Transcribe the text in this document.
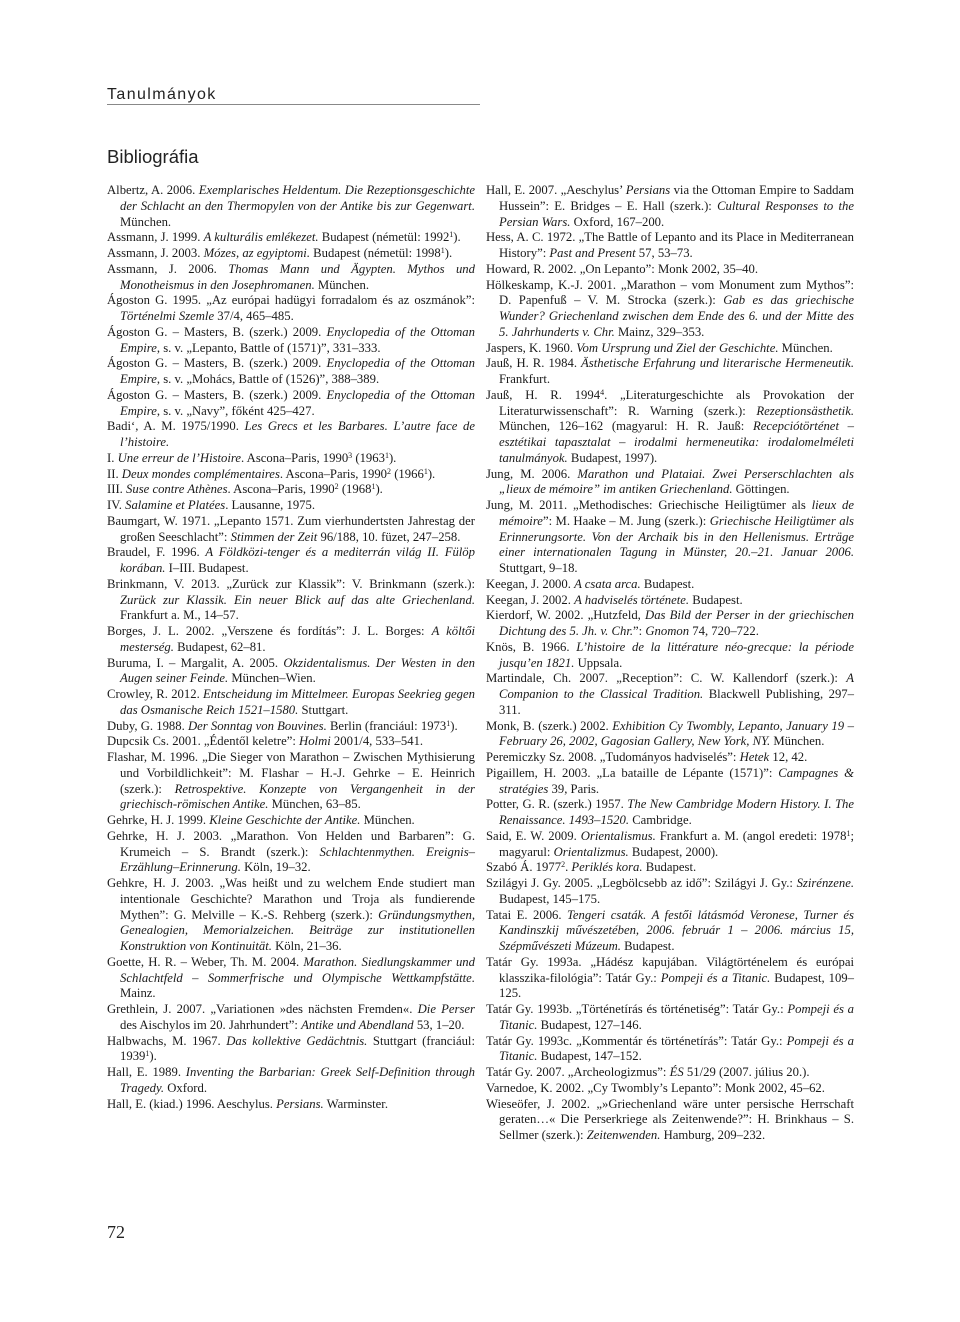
Tanulmányok
Bibliográfia

Albertz, A. 2006. Exemplarisches Heldentum. Die Rezeptionsgeschichte der Schlacht an den Thermopylen von der Antike bis zur Gegenwart. München.

Assmann, J. 1999. A kulturális emlékezet. Budapest (németül: 1992$^1$).

Assmann, J. 2003. Mózes, az egyiptomi. Budapest (németül: 1998$^1$).

Assmann, J. 2006. Thomas Mann und Ägypten. Mythos und Monotheismus in den Josephromanen. München.

Ágoston G. 1995. „Az európai hadügyi forradalom és az oszmánok”: Történelmi Szemle 37/4, 465–485.

Ágoston G. – Masters, B. (szerk.) 2009. Enyclopedia of the Ottoman Empire, s. v. „Lepanto, Battle of (1571)”, 331–333.

Ágoston G. – Masters, B. (szerk.) 2009. Enyclopedia of the Ottoman Empire, s. v. „Mohács, Battle of (1526)”, 388–389.

Ágoston G. – Masters, B. (szerk.) 2009. Enyclopedia of the Ottoman Empire, s. v. „Navy”, főként 425–427.

Badi‘, A. M. 1975/1990. Les Grecs et les Barbares. L’autre face de l’histoire.

I. Une erreur de l’Histoire. Ascona–Paris, 1990$^3$ (1963$^1$).

II. Deux mondes complémentaires. Ascona–Paris, 1990$^2$ (1966$^1$).

III. Suse contre Athènes. Ascona–Paris, 1990$^2$ (1968$^1$).

IV. Salamine et Platées. Lausanne, 1975.

Baumgart, W. 1971. „Lepanto 1571. Zum vierhundertsten Jahrestag der großen Seeschlacht”: Stimmen der Zeit 96/188, 10. füzet, 247–258.

Braudel, F. 1996. A Földközi-tenger és a mediterrán világ II. Fülöp korában. I–III. Budapest.

Brinkmann, V. 2013. „Zurück zur Klassik”: V. Brinkmann (szerk.): Zurück zur Klassik. Ein neuer Blick auf das alte Griechenland. Frankfurt a. M., 14–57.

Borges, J. L. 2002. „Verszene és fordítás”: J. L. Borges: A költői mesterség. Budapest, 62–81.

Buruma, I. – Margalit, A. 2005. Okzidentalismus. Der Westen in den Augen seiner Feinde. München–Wien.

Crowley, R. 2012. Entscheidung im Mittelmeer. Europas Seekrieg gegen das Osmanische Reich 1521–1580. Stuttgart.

Duby, G. 1988. Der Sonntag von Bouvines. Berlin (franciául: 1973$^1$).

Dupcsik Cs. 2001. „Édentől keletre”: Holmi 2001/4, 533–541.

Flashar, M. 1996. „Die Sieger von Marathon – Zwischen Mythisierung und Vorbildlichkeit”: M. Flashar – H.-J. Gehrke – E. Heinrich (szerk.): Retrospektive. Konzepte von Vergangenheit in der griechisch-römischen Antike. München, 63–85.

Gehrke, H. J. 1999. Kleine Geschichte der Antike. München.

Gehrke, H. J. 2003. „Marathon. Von Helden und Barbaren”: G. Krumeich – S. Brandt (szerk.): Schlachtenmythen. Ereignis–Erzählung–Erinnerung. Köln, 19–32.

Gehkre, H. J. 2003. „Was heißt und zu welchem Ende studiert man intentionale Geschichte? Marathon und Troja als fundierende Mythen”: G. Melville – K.-S. Rehberg (szerk.): Gründungsmythen, Genealogien, Memorialzeichen. Beiträge zur institutionellen Konstruktion von Kontinuität. Köln, 21–36.

Goette, H. R. – Weber, Th. M. 2004. Marathon. Siedlungskammer und Schlachtfeld – Sommerfrische und Olympische Wettkampfstätte. Mainz.

Grethlein, J. 2007. „Variationen »des nächsten Fremden«. Die Perser des Aischylos im 20. Jahrhundert”: Antike und Abendland 53, 1–20.

Halbwachs, M. 1967. Das kollektive Gedächtnis. Stuttgart (franciául: 1939$^1$).

Hall, E. 1989. Inventing the Barbarian: Greek Self-Definition through Tragedy. Oxford.

Hall, E. (kiad.) 1996. Aeschylus. Persians. Warminster.

Hall, E. 2007. „Aeschylus’ Persians via the Ottoman Empire to Saddam Hussein”: E. Bridges – E. Hall (szerk.): Cultural Responses to the Persian Wars. Oxford, 167–200.

Hess, A. C. 1972. „The Battle of Lepanto and its Place in Mediterranean History”: Past and Present 57, 53–73.

Howard, R. 2002. „On Lepanto”: Monk 2002, 35–40.

Hölkeskamp, K.-J. 2001. „Marathon – vom Monument zum Mythos”: D. Papenfuß – V. M. Strocka (szerk.): Gab es das griechische Wunder? Griechenland zwischen dem Ende des 6. und der Mitte des 5. Jahrhunderts v. Chr. Mainz, 329–353.

Jaspers, K. 1960. Vom Ursprung und Ziel der Geschichte. München.

Jauß, H. R. 1984. Ästhetische Erfahrung und literarische Hermeneutik. Frankfurt.

Jauß, H. R. 1994$^4$. „Literaturgeschichte als Provokation der Literaturwissenschaft”: R. Warning (szerk.): Rezeptionsästhetik. München, 126–162 (magyarul: H. R. Jauß: Recepciótörténet – esztétikai tapasztalat – irodalmi hermeneutika: irodalomelméleti tanulmányok. Budapest, 1997).

Jung, M. 2006. Marathon und Plataiai. Zwei Perserschlachten als „lieux de mémoire” im antiken Griechenland. Göttingen.

Jung, M. 2011. „Methodisches: Griechische Heiligtümer als lieux de mémoire”: M. Haake – M. Jung (szerk.): Griechische Heiligtümer als Erinnerungsorte. Von der Archaik bis in den Hellenismus. Erträge einer internationalen Tagung in Münster, 20.–21. Januar 2006. Stuttgart, 9–18.

Keegan, J. 2000. A csata arca. Budapest.

Keegan, J. 2002. A hadviselés története. Budapest.

Kierdorf, W. 2002. „Hutzfeld, Das Bild der Perser in der griechischen Dichtung des 5. Jh. v. Chr.”: Gnomon 74, 720–722.

Knös, B. 1966. L’histoire de la littérature néo-grecque: la période jusqu’en 1821. Uppsala.

Martindale, Ch. 2007. „Reception”: C. W. Kallendorf (szerk.): A Companion to the Classical Tradition. Blackwell Publishing, 297–311.

Monk, B. (szerk.) 2002. Exhibition Cy Twombly, Lepanto, January 19 – February 26, 2002, Gagosian Gallery, New York, NY. München.

Peremiczky Sz. 2008. „Tudományos hadviselés”: Hetek 12, 42.

Pigaillem, H. 2003. „La bataille de Lépante (1571)”: Campagnes & stratégies 39, Paris.

Potter, G. R. (szerk.) 1957. The New Cambridge Modern History. I. The Renaissance. 1493–1520. Cambridge.

Said, E. W. 2009. Orientalismus. Frankfurt a. M. (angol eredeti: 1978$^1$; magyarul: Orientalizmus. Budapest, 2000).

Szabó Á. 1977$^2$. Periklés kora. Budapest.

Szilágyi J. Gy. 2005. „Legbölcsebb az idő”: Szilágyi J. Gy.: Szirénzene. Budapest, 145–175.

Tatai E. 2006. Tengeri csaták. A festői látásmód Veronese, Turner és Kandinszkij művészetében, 2006. február 1 – 2006. március 15, Szépművészeti Múzeum. Budapest.

Tatár Gy. 1993a. „Hádész kapujában. Világtörténelem és európai klasszika-filológia”: Tatár Gy.: Pompeji és a Titanic. Budapest, 109–125.

Tatár Gy. 1993b. „Történetírás és történetiség”: Tatár Gy.: Pompeji és a Titanic. Budapest, 127–146.

Tatár Gy. 1993c. „Kommentár és történetírás”: Tatár Gy.: Pompeji és a Titanic. Budapest, 147–152.

Tatár Gy. 2007. „Archeologizmus”: ÉS 51/29 (2007. július 20.).

Varnedoe, K. 2002. „Cy Twombly’s Lepanto”: Monk 2002, 45–62.

Wieseöfer, J. 2002. „»Griechenland wäre unter persische Herrschaft geraten…« Die Perserkriege als Zeitenwende?”: H. Brinkhaus – S. Sellmer (szerk.): Zeitenwenden. Hamburg, 209–232.

72
